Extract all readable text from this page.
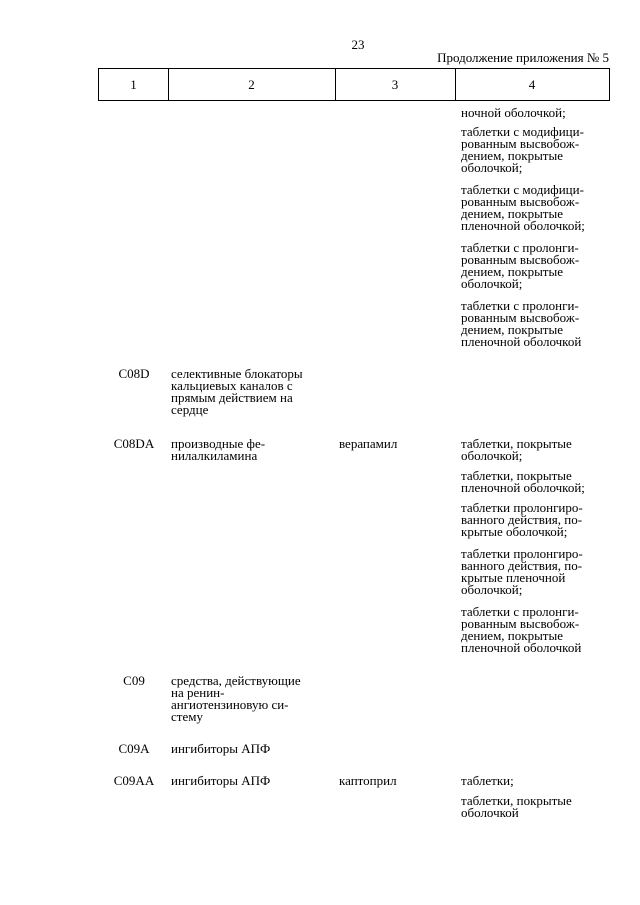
23
Продолжение приложения № 5
1	2	3	4
ночной оболочкой;
таблетки с модифици-
рованным высвобож-
дением, покрытые
оболочкой;
таблетки с модифици-
рованным высвобож-
дением, покрытые
пленочной оболочкой;
таблетки с пролонги-
рованным высвобож-
дением, покрытые
оболочкой;
таблетки с пролонги-
рованным высвобож-
дением, покрытые
пленочной оболочкой
C08D	селективные блокаторы
кальциевых каналов с
прямым действием на
сердце
C08DA	производные фе-
нилалкиламина
верапамил	таблетки, покрытые
оболочкой;
таблетки, покрытые
пленочной оболочкой;
таблетки пролонгиро-
ванного действия, по-
крытые оболочкой;
таблетки пролонгиро-
ванного действия, по-
крытые пленочной
оболочкой;
таблетки с пролонги-
рованным высвобож-
дением, покрытые
пленочной оболочкой
C09	средства, действующие
на ренин-
ангиотензиновую си-
стему
C09A	ингибиторы АПФ
C09AA	ингибиторы АПФ	каптоприл	таблетки;
таблетки, покрытые
оболочкой
